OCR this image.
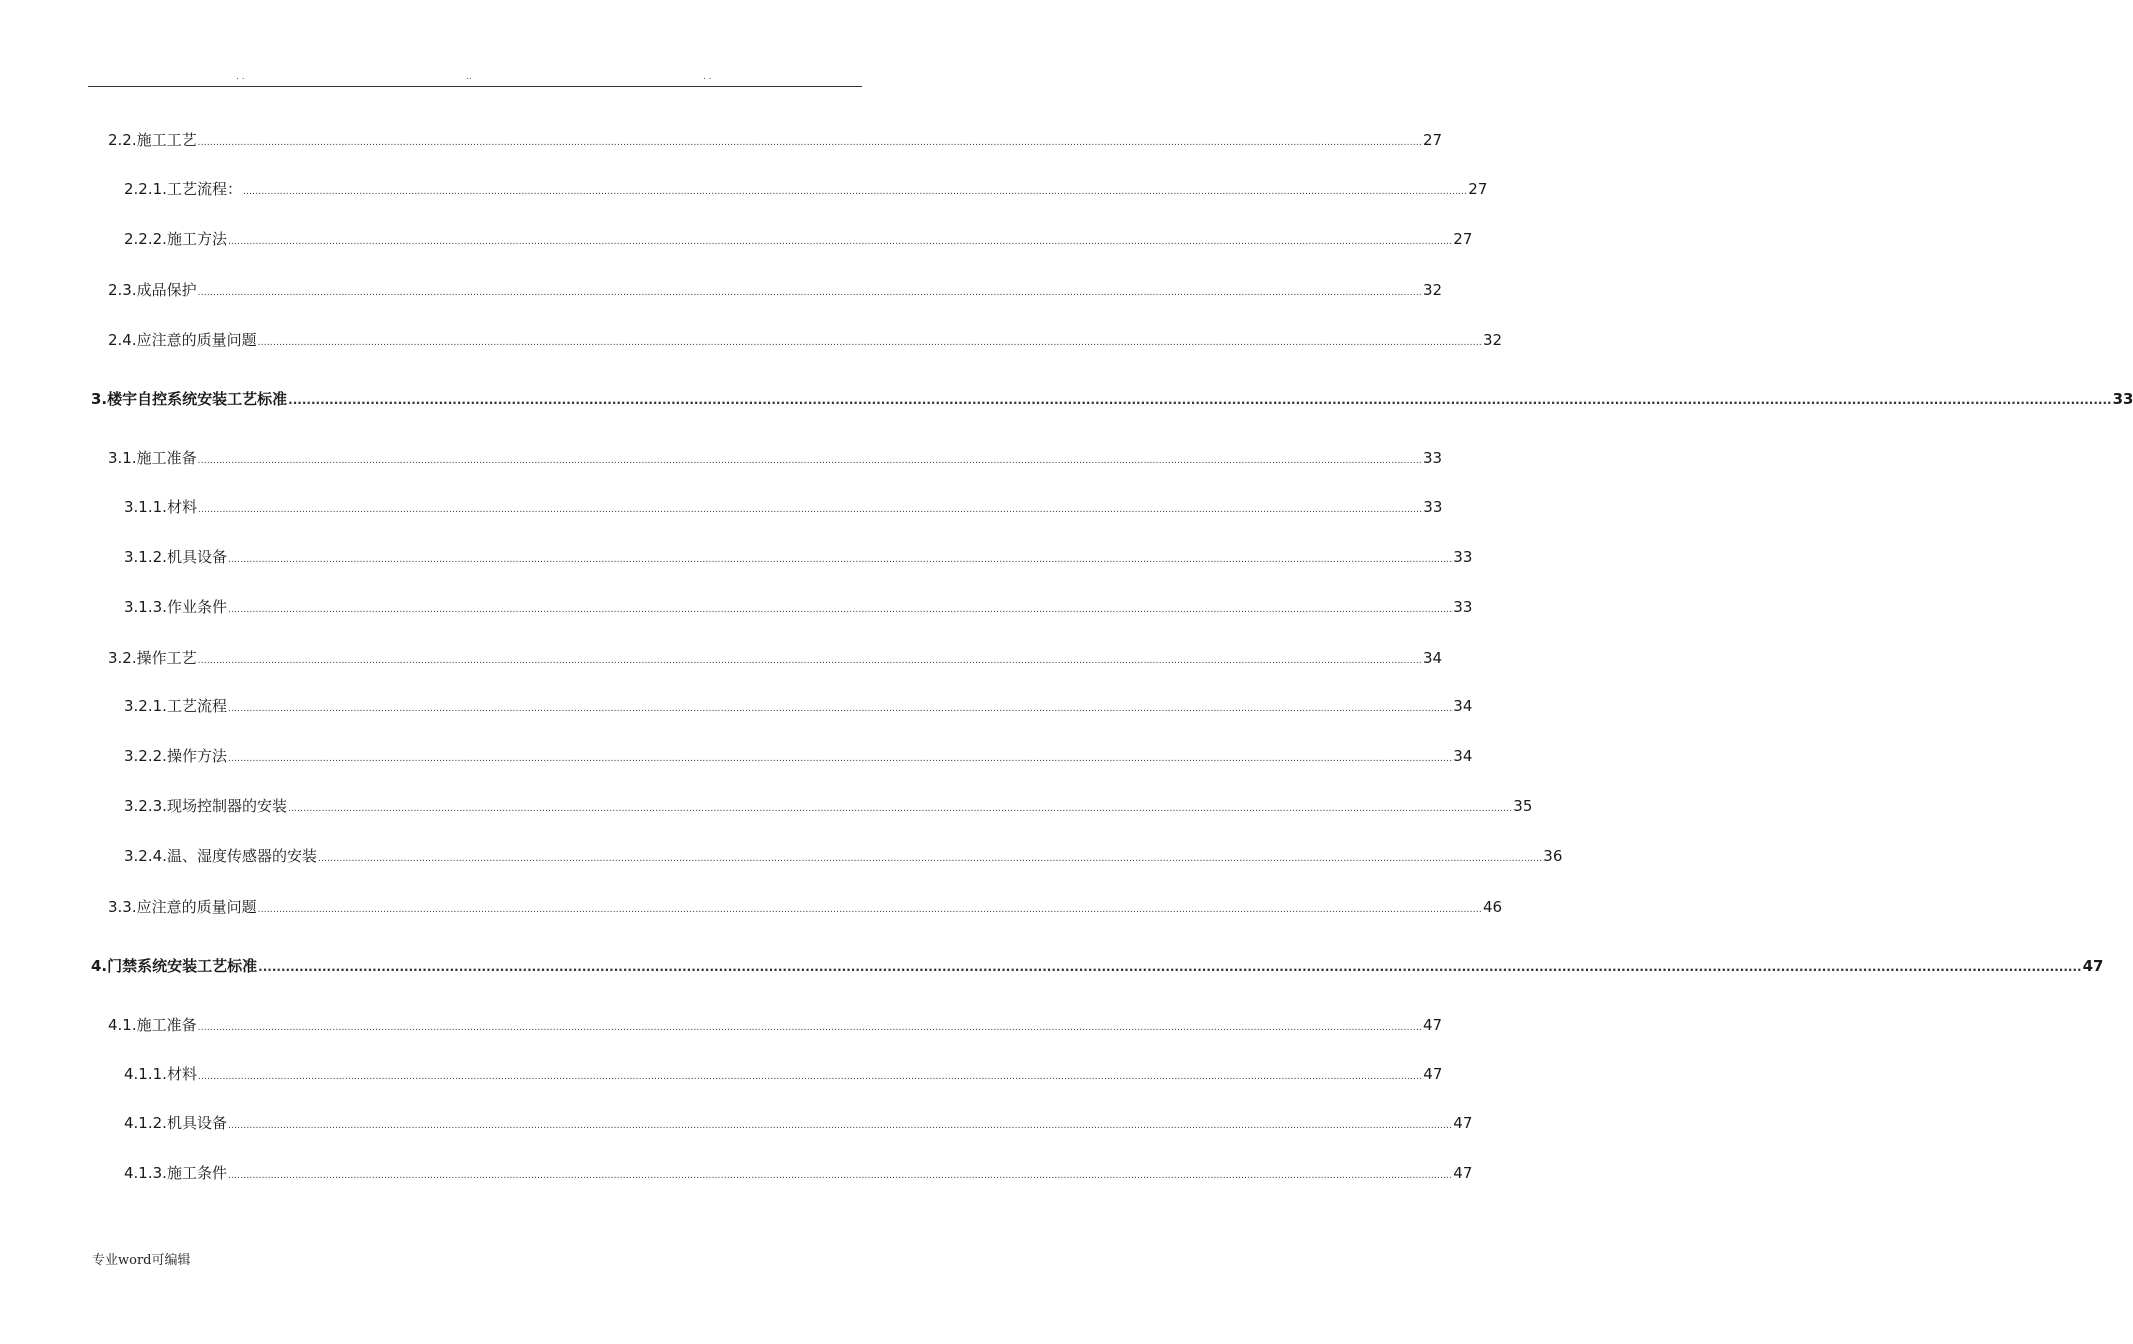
. .	..	. .
2.2. 施工工艺 ................................................................................................................................................................................................................................................................................................................................................................................................................ 27
2.2.1. 工艺流程： ................................................................................................................................................................................................................................................................................................................................................................................................................ 27
2.2.2. 施工方法 ................................................................................................................................................................................................................................................................................................................................................................................................................ 27
2.3. 成品保护 ................................................................................................................................................................................................................................................................................................................................................................................................................ 32
2.4. 应注意的质量问题 ................................................................................................................................................................................................................................................................................................................................................................................................................ 32
3. 楼宇自控系统安装工艺标准 ................................................................................................................................................................................................................................................................................................................................................................................................................ 33
3.1. 施工准备 ................................................................................................................................................................................................................................................................................................................................................................................................................ 33
3.1.1. 材料 ................................................................................................................................................................................................................................................................................................................................................................................................................ 33
3.1.2. 机具设备 ................................................................................................................................................................................................................................................................................................................................................................................................................ 33
3.1.3. 作业条件 ................................................................................................................................................................................................................................................................................................................................................................................................................ 33
3.2. 操作工艺 ................................................................................................................................................................................................................................................................................................................................................................................................................ 34
3.2.1. 工艺流程 ................................................................................................................................................................................................................................................................................................................................................................................................................ 34
3.2.2. 操作方法 ................................................................................................................................................................................................................................................................................................................................................................................................................ 34
3.2.3. 现场控制器的安装 ................................................................................................................................................................................................................................................................................................................................................................................................................ 35
3.2.4. 温、湿度传感器的安装 ................................................................................................................................................................................................................................................................................................................................................................................................................ 36
3.3. 应注意的质量问题 ................................................................................................................................................................................................................................................................................................................................................................................................................ 46
4. 门禁系统安装工艺标准 ................................................................................................................................................................................................................................................................................................................................................................................................................ 47
4.1. 施工准备 ................................................................................................................................................................................................................................................................................................................................................................................................................ 47
4.1.1. 材料 ................................................................................................................................................................................................................................................................................................................................................................................................................ 47
4.1.2. 机具设备 ................................................................................................................................................................................................................................................................................................................................................................................................................ 47
4.1.3. 施工条件 ................................................................................................................................................................................................................................................................................................................................................................................................................ 47
专业word可编辑
